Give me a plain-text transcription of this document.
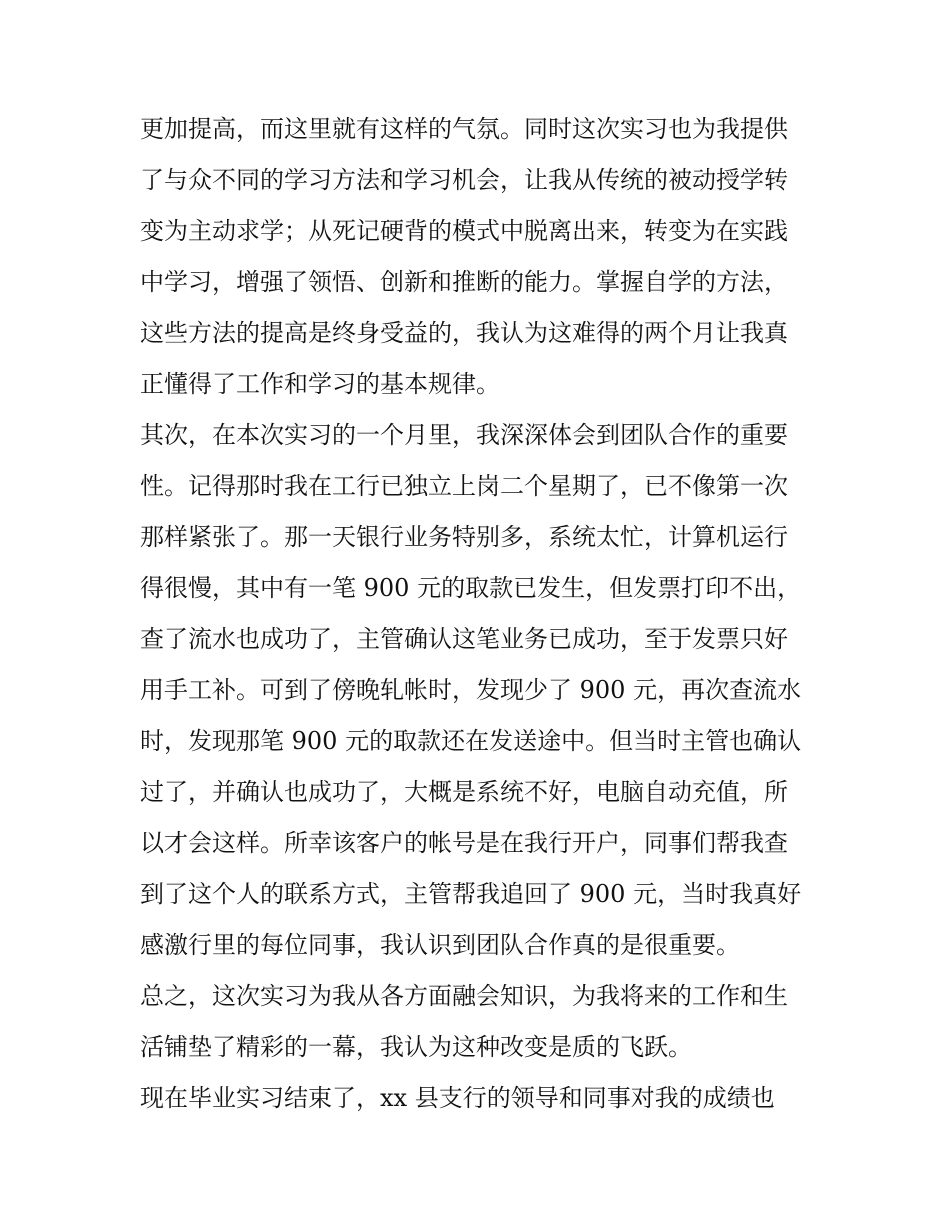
更加提高，而这里就有这样的气氛。同时这次实习也为我提供
了与众不同的学习方法和学习机会，让我从传统的被动授学转
变为主动求学；从死记硬背的模式中脱离出来，转变为在实践
中学习，增强了领悟、创新和推断的能力。掌握自学的方法，
这些方法的提高是终身受益的，我认为这难得的两个月让我真
正懂得了工作和学习的基本规律。
其次，在本次实习的一个月里，我深深体会到团队合作的重要
性。记得那时我在工行已独立上岗二个星期了，已不像第一次
那样紧张了。那一天银行业务特别多，系统太忙，计算机运行
得很慢，其中有一笔 900 元的取款已发生，但发票打印不出，
查了流水也成功了，主管确认这笔业务已成功，至于发票只好
用手工补。可到了傍晚轧帐时，发现少了 900 元，再次查流水
时，发现那笔 900 元的取款还在发送途中。但当时主管也确认
过了，并确认也成功了，大概是系统不好，电脑自动充值，所
以才会这样。所幸该客户的帐号是在我行开户，同事们帮我查
到了这个人的联系方式，主管帮我追回了 900 元，当时我真好
感激行里的每位同事，我认识到团队合作真的是很重要。
总之，这次实习为我从各方面融会知识，为我将来的工作和生
活铺垫了精彩的一幕，我认为这种改变是质的飞跃。
现在毕业实习结束了，xx 县支行的领导和同事对我的成绩也
